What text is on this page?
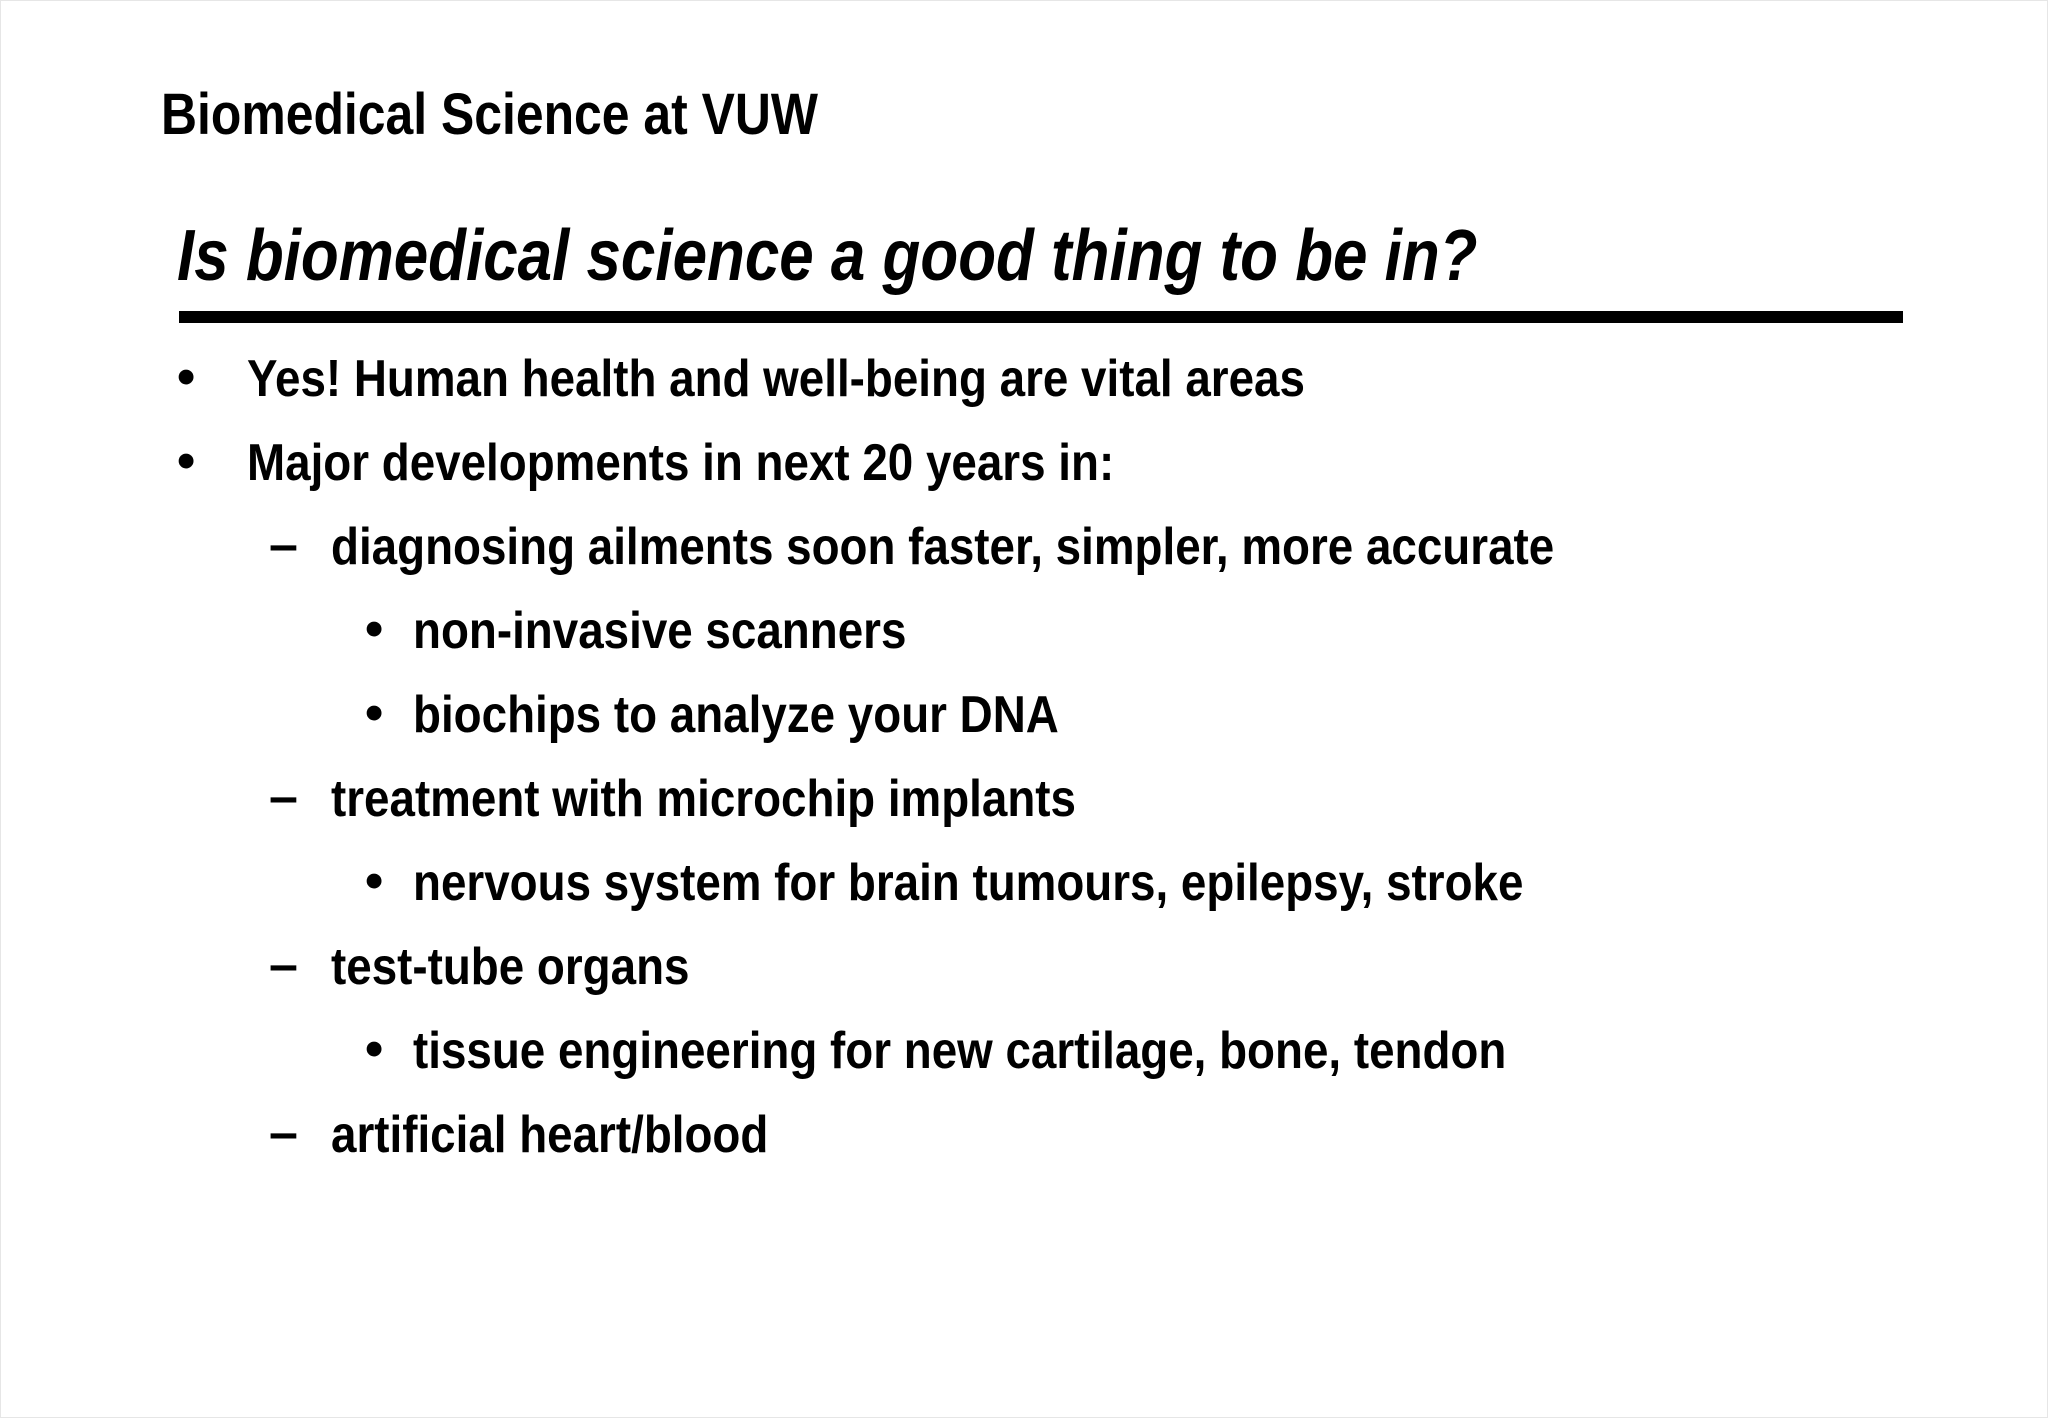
Biomedical Science at VUW
Is biomedical science a good thing to be in?
• Yes! Human health and well-being are vital areas
• Major developments in next 20 years in:
– diagnosing ailments soon faster, simpler, more accurate
• non-invasive scanners
• biochips to analyze your DNA
– treatment with microchip implants
• nervous system for brain tumours, epilepsy, stroke
– test-tube organs
• tissue engineering for new cartilage, bone, tendon
– artificial heart/blood
